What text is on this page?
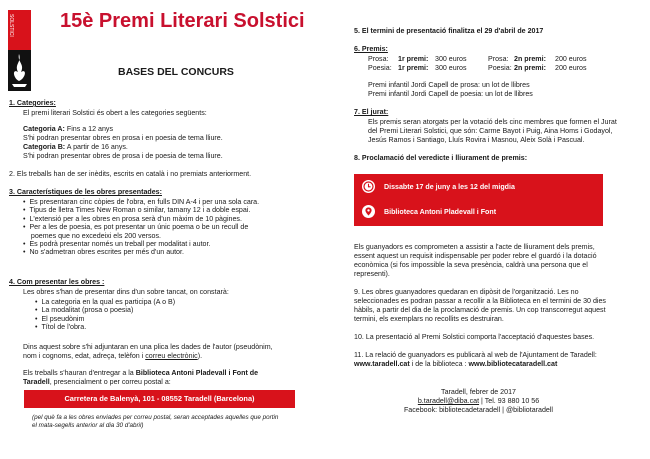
SOLSTICI 15è Premi Literari Solstici
BASES DEL CONCURS
1. Categories:
El premi literari Solstici és obert a les categories següents:
Categoria A: Fins a 12 anys
S'hi podran presentar obres en prosa i en poesia de tema lliure.
Categoria B: A partir de 16 anys.
S'hi podran presentar obres de prosa i de poesia de tema lliure.
2. Els treballs han de ser inèdits, escrits en català i no premiats anteriorment.
3. Característiques de les obres presentades:
•  Es presentaran cinc còpies de l'obra, en fulls DIN A-4 i per una sola cara.
•  Tipus de lletra Times New Roman o similar, tamany 12 i a doble espai.
•  L'extensió per a les obres en prosa serà d'un màxim de 10 pàgines.
•  Per a les de poesia, es pot presentar un únic poema o be un recull de
poemes que no excedeixi els 200 versos.
•  Es podrà presentar només un treball per modalitat i autor.
•  No s'admetran obres escrites per més d'un autor.
4. Com presentar les obres :
Les obres s'han de presentar dins d'un sobre tancat, on constarà:
•  La categoria en la qual es participa (A o B)
•  La modalitat (prosa o poesia)
•  El pseudònim
•  Títol de l'obra.
Dins aquest sobre s'hi adjuntaran en una plica les dades de l'autor (pseudònim,
nom i cognoms, edat, adreça, telèfon i correu electrònic).
Els treballs s'hauran d'entregar a la Biblioteca Antoni Pladevall i Font de
Taradell, presencialment o per correu postal a:
Carretera de Balenyà, 101 - 08552 Taradell (Barcelona)
(pel què fa a les obres enviades per correu postal, seran acceptades aquelles que portin
el mata-segells anterior al dia 30 d'abril)
5. El termini de presentació finalitza el 29 d'abril de 2017
6. Premis:
Prosa: 1r premi: 300 euros	Prosa: 2n premi: 200 euros
Poesia: 1r premi: 300 euros	Poesia: 2n premi: 200 euros
Premi infantil Jordi Capell de prosa: un lot de llibres
Premi infantil Jordi Capell de poesia: un lot de llibres
7. El jurat:
Els premis seran atorgats per la votació dels cinc membres que formen el Jurat
del Premi Literari Solstici, que són: Carme Bayot i Puig, Aina Homs i Godayol,
Jesús Ramos i Santiago, Lluís Rovira i Masnou, Aleix Solà i Pascual.
8. Proclamació del veredicte i lliurament de premis:
Dissabte 17 de juny a les 12 del migdia
Biblioteca Antoni Pladevall i Font
Els guanyadors es comprometen a assistir a l'acte de lliurament dels premis,
essent aquest un requisit indispensable per poder rebre el guardó i la dotació
econòmica (si fos impossible la seva presència, caldrà una persona que el
representi).
9. Les obres guanyadores quedaran en dipòsit de l'organització. Les no
seleccionades es podran passar a recollir a la Biblioteca en el termini de 30 dies
hàbils, a partir del dia de la proclamació de premis. Un cop transcorregut aquest
termini, els exemplars no recollits es destruiran.
10. La presentació al Premi Solstici comporta l'acceptació d'aquestes bases.
11. La relació de guanyadors es publicarà al web de l'Ajuntament de Taradell:
www.taradell.cat i de la biblioteca : www.bibliotecataradell.cat
Taradell, febrer de 2017
b.taradell@diba.cat | Tel. 93 880 10 56
Facebook: bibliotecadetaradell | @bibliotaradell
